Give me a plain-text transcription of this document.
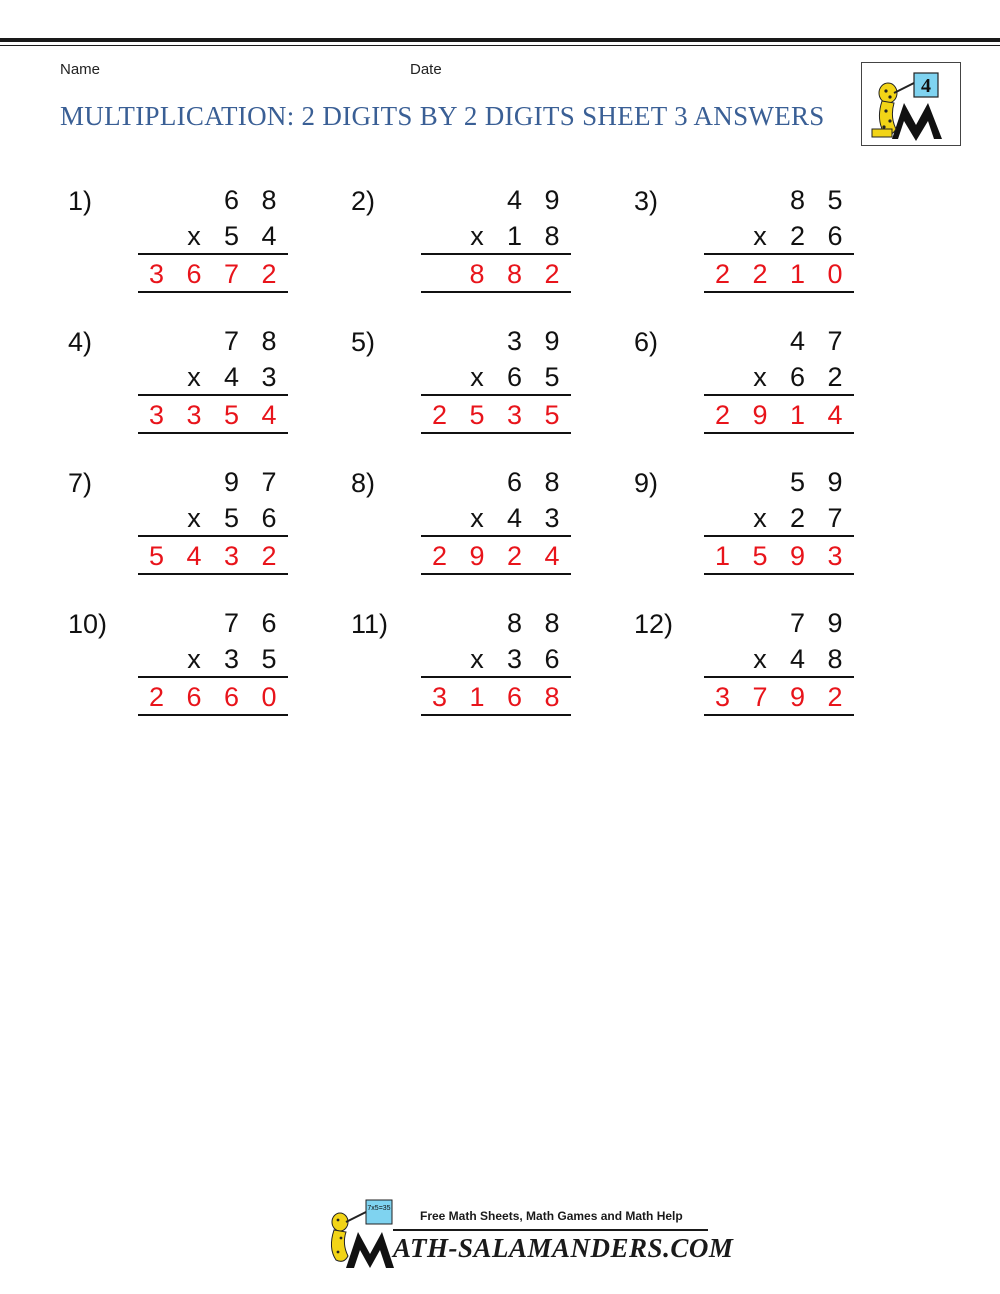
Name	Date
MULTIPLICATION: 2 DIGITS BY 2 DIGITS SHEET 3 ANSWERS
4
1)	6 8
x 5 4
3 6 7 2
2)	4 9
x 1 8
8 8 2
3)	8 5
x 2 6
2 2 1 0
4)	7 8
x 4 3
3 3 5 4
5)	3 9
x 6 5
2 5 3 5
6)	4 7
x 6 2
2 9 1 4
7)	9 7
x 5 6
5 4 3 2
8)	6 8
x 4 3
2 9 2 4
9)	5 9
x 2 7
1 5 9 3
10)	7 6
x 3 5
2 6 6 0
11)	8 8
x 3 6
3 1 6 8
12)	7 9
x 4 8
3 7 9 2
7x5=35
Free Math Sheets, Math Games and Math Help
ATH-SALAMANDERS.COM
